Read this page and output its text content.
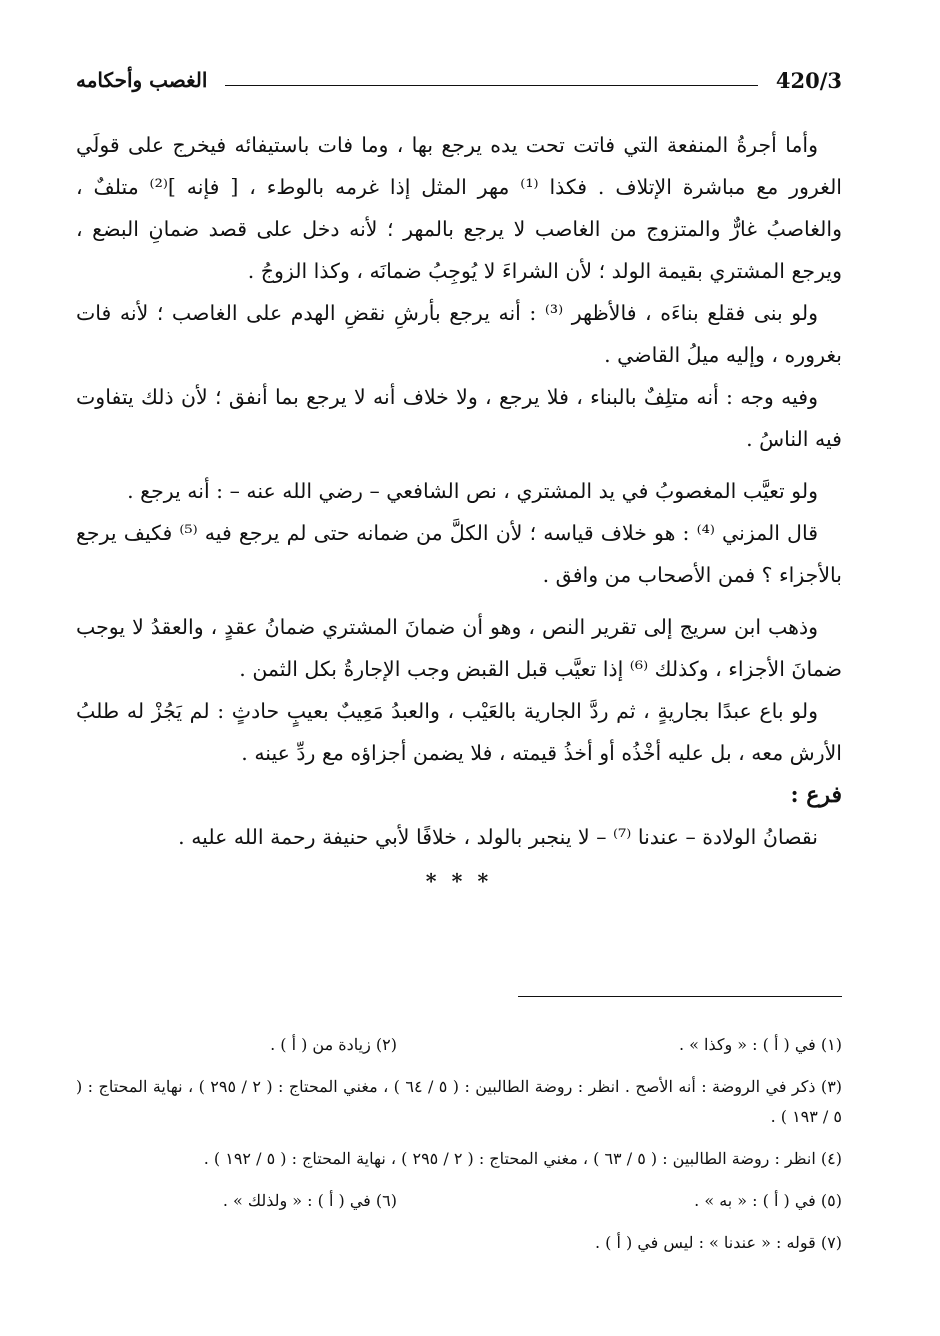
420/3
الغصب وأحكامه

وأما أجرةُ المنفعة التي فاتت تحت يده يرجع بها ، وما فات باستيفائه فيخرج على قولَي الغرور مع مباشرة الإتلاف . فكذا ⁽¹⁾ مهر المثل إذا غرمه بالوطء ، [ فإنه ]⁽²⁾ متلفٌ ، والغاصبُ غارٌّ والمتزوج من الغاصب لا يرجع بالمهر ؛ لأنه دخل على قصد ضمانِ البضع ، ويرجع المشتري بقيمة الولد ؛ لأن الشراءَ لا يُوجِبُ ضمانَه ، وكذا الزوجُ .

ولو بنى فقلع بناءَه ، فالأظهر ⁽³⁾ : أنه يرجع بأرشِ نقضِ الهدم على الغاصب ؛ لأنه فات بغروره ، وإليه ميلُ القاضي .

وفيه وجه : أنه متلِفٌ بالبناء ، فلا يرجع ، ولا خلاف أنه لا يرجع بما أنفق ؛ لأن ذلك يتفاوت فيه الناسُ .

ولو تعيَّب المغصوبُ في يد المشتري ، نص الشافعي – رضي الله عنه – : أنه يرجع .

قال المزني ⁽⁴⁾ : هو خلاف قياسه ؛ لأن الكلَّ من ضمانه حتى لم يرجع فيه ⁽⁵⁾ فكيف يرجع بالأجزاء ؟ فمن الأصحاب من وافق .

وذهب ابن سريج إلى تقرير النص ، وهو أن ضمانَ المشتري ضمانُ عقدٍ ، والعقدُ لا يوجب ضمانَ الأجزاء ، وكذلك ⁽⁶⁾ إذا تعيَّب قبل القبض وجب الإجارةُ بكل الثمن .

ولو باع عبدًا بجاريةٍ ، ثم ردَّ الجارية بالعَيْب ، والعبدُ مَعِيبٌ بعيبٍ حادثٍ : لم يَجُزْ له طلبُ الأرش معه ، بل عليه أخْذُه أو أخذُ قيمته ، فلا يضمن أجزاؤه مع ردِّ عينه .

فرع :

نقصانُ الولادة – عندنا ⁽⁷⁾ – لا ينجبر بالولد ، خلافًا لأبي حنيفة رحمة الله عليه .

* * *

(١) في ( أ ) : « وكذا » .
(٢) زيادة من ( أ ) .
(٣) ذكر في الروضة : أنه الأصح . انظر : روضة الطالبين : ( ٥ / ٦٤ ) ، مغني المحتاج : ( ٢ / ٢٩٥ ) ، نهاية المحتاج : ( ٥ / ١٩٣ ) .
(٤) انظر : روضة الطالبين : ( ٥ / ٦٣ ) ، مغني المحتاج : ( ٢ / ٢٩٥ ) ، نهاية المحتاج : ( ٥ / ١٩٢ ) .
(٥) في ( أ ) : « به » .
(٦) في ( أ ) : « ولذلك » .
(٧) قوله : « عندنا » : ليس في ( أ ) .
